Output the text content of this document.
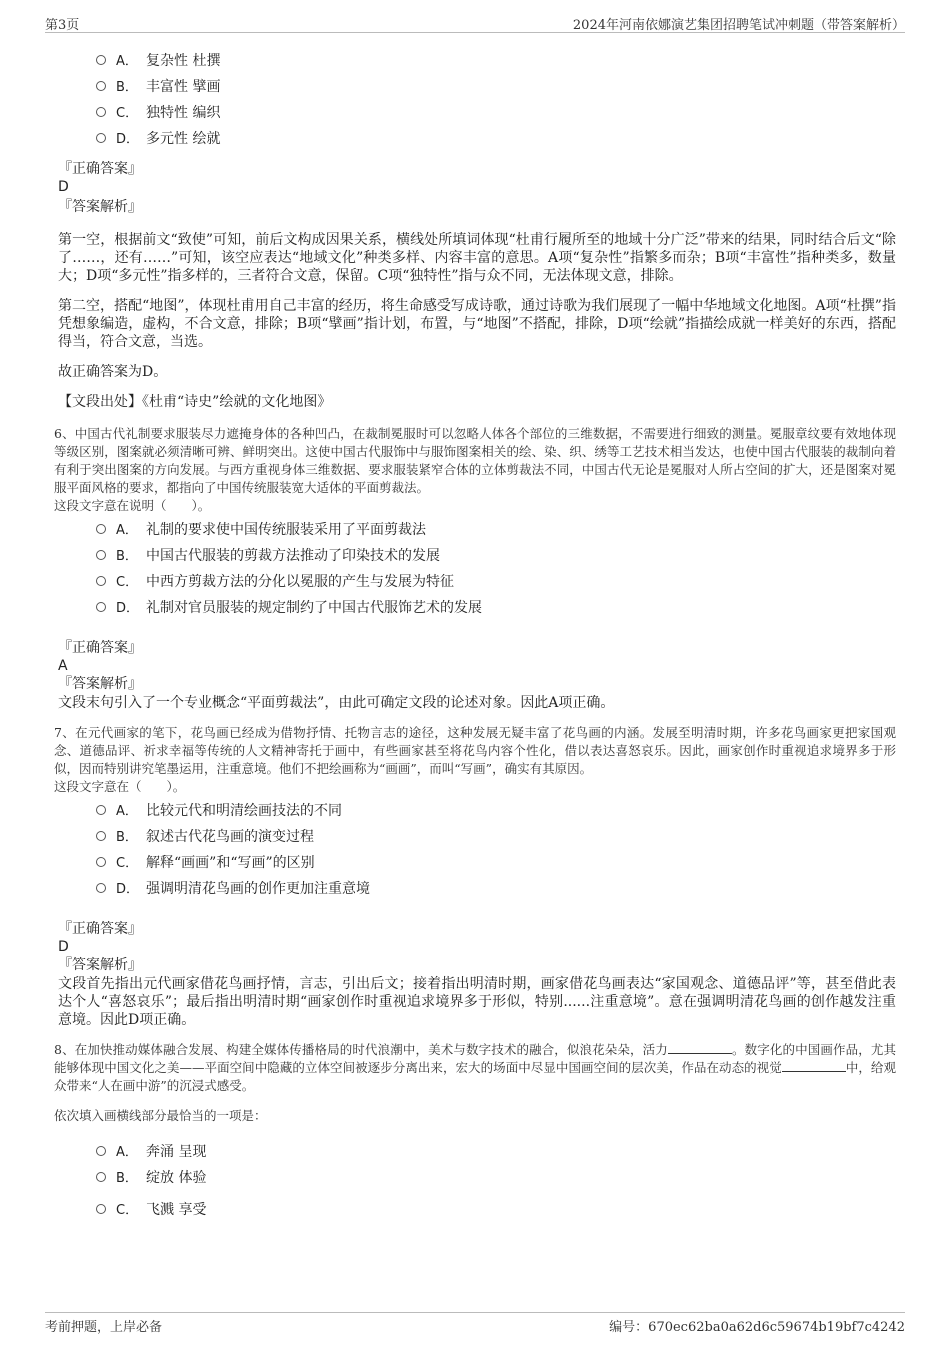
第3页	2024年河南依娜演艺集团招聘笔试冲刺题（带答案解析）
A． 复杂性 杜撰
B． 丰富性 擘画
C． 独特性 编织
D． 多元性 绘就
『正确答案』
D
『答案解析』

第一空，根据前文“致使”可知，前后文构成因果关系，横线处所填词体现“杜甫行履所至的地域十分广泛”带来的结果，同时结合后文“除了……，还有……”可知，该空应表达“地域文化”种类多样、内容丰富的意思。A项“复杂性”指繁多而杂；B项“丰富性”指种类多，数量大；D项“多元性”指多样的，三者符合文意，保留。C项“独特性”指与众不同，无法体现文意，排除。

第二空，搭配“地图”，体现杜甫用自己丰富的经历，将生命感受写成诗歌，通过诗歌为我们展现了一幅中华地域文化地图。A项“杜撰”指凭想象编造，虚构，不合文意，排除；B项“擘画”指计划，布置，与“地图”不搭配，排除，D项“绘就”指描绘成就一样美好的东西，搭配得当，符合文意，当选。

故正确答案为D。

【文段出处】《杜甫“诗史”绘就的文化地图》

6、中国古代礼制要求服装尽力遮掩身体的各种凹凸，在裁制冕服时可以忽略人体各个部位的三维数据，不需要进行细致的测量。冕服章纹要有效地体现等级区别，图案就必须清晰可辨、鲜明突出。这使中国古代服饰中与服饰图案相关的绘、染、织、绣等工艺技术相当发达，也使中国古代服装的裁制向着有利于突出图案的方向发展。与西方重视身体三维数据、要求服装紧窄合体的立体剪裁法不同，中国古代无论是冕服对人所占空间的扩大，还是图案对冕服平面风格的要求，都指向了中国传统服装宽大适体的平面剪裁法。

这段文字意在说明（　　）。
A． 礼制的要求使中国传统服装采用了平面剪裁法
B． 中国古代服装的剪裁方法推动了印染技术的发展
C． 中西方剪裁方法的分化以冕服的产生与发展为特征
D． 礼制对官员服装的规定制约了中国古代服饰艺术的发展
『正确答案』
A
『答案解析』

文段末句引入了一个专业概念“平面剪裁法”，由此可确定文段的论述对象。因此A项正确。

7、在元代画家的笔下，花鸟画已经成为借物抒情、托物言志的途径，这种发展无疑丰富了花鸟画的内涵。发展至明清时期，许多花鸟画家更把家国观念、道德品评、祈求幸福等传统的人文精神寄托于画中，有些画家甚至将花鸟内容个性化，借以表达喜怒哀乐。因此，画家创作时重视追求境界多于形似，因而特别讲究笔墨运用，注重意境。他们不把绘画称为“画画”，而叫“写画”，确实有其原因。

这段文字意在（　　）。
A． 比较元代和明清绘画技法的不同
B． 叙述古代花鸟画的演变过程
C． 解释“画画”和“写画”的区别
D． 强调明清花鸟画的创作更加注重意境
『正确答案』
D
『答案解析』

文段首先指出元代画家借花鸟画抒情，言志，引出后文；接着指出明清时期，画家借花鸟画表达“家国观念、道德品评”等，甚至借此表达个人“喜怒哀乐”；最后指出明清时期“画家创作时重视追求境界多于形似，特别......注重意境”。意在强调明清花鸟画的创作越发注重意境。因此D项正确。

8、在加快推动媒体融合发展、构建全媒体传播格局的时代浪潮中，美术与数字技术的融合，似浪花朵朵，活力	。数字化的中国画作品，尤其能够体现中国文化之美——平面空间中隐藏的立体空间被逐步分离出来，宏大的场面中尽显中国画空间的层次美，作品在动态的视觉	中，给观众带来“人在画中游”的沉浸式感受。

依次填入画横线部分最恰当的一项是：
A． 奔涌 呈现
B． 绽放 体验
C． 飞溅 享受
考前押题，上岸必备	编号：670ec62ba0a62d6c59674b19bf7c4242
